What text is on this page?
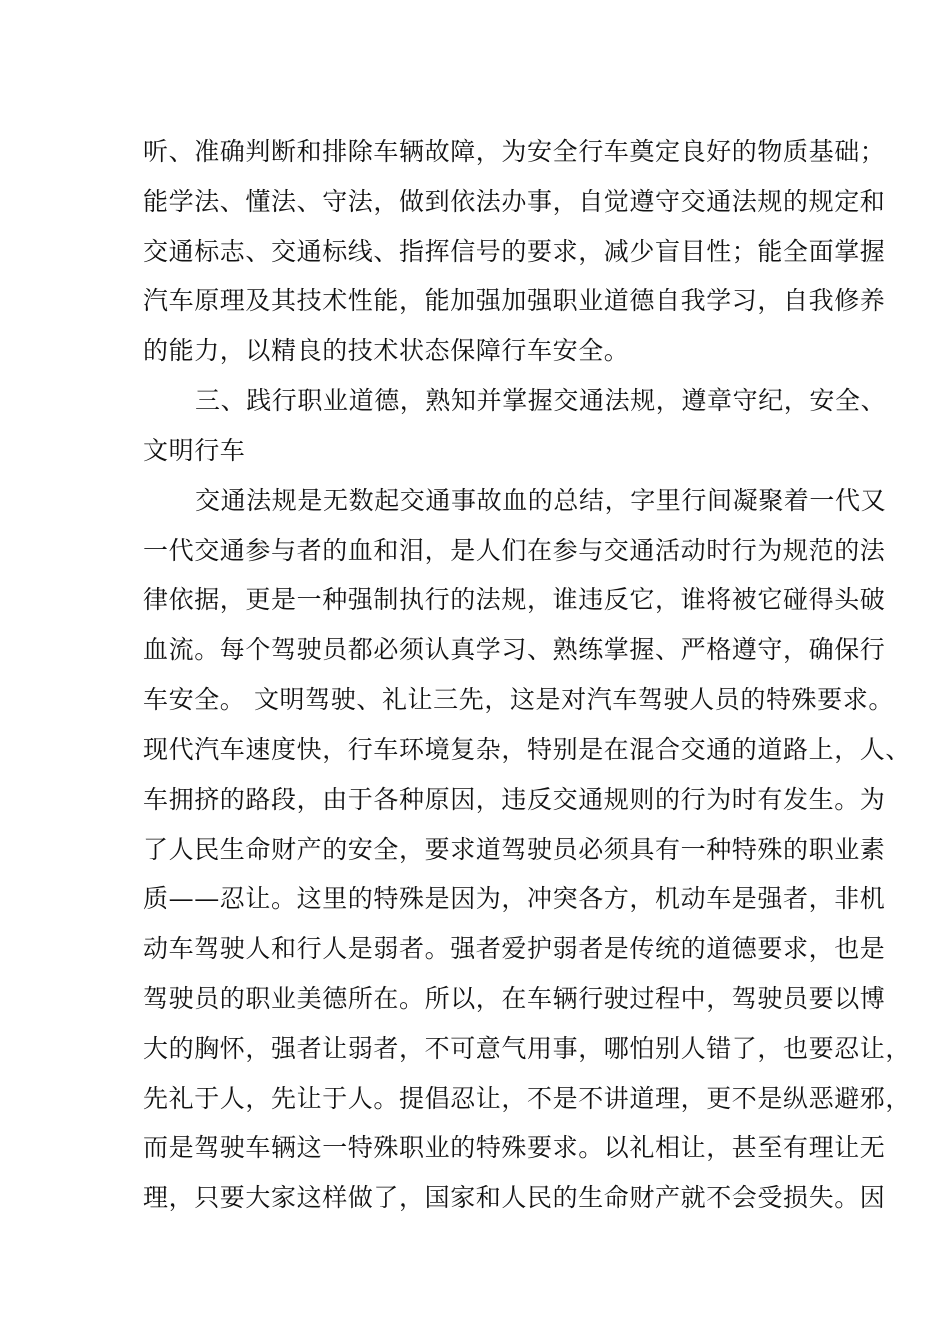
听、准确判断和排除车辆故障，为安全行车奠定良好的物质基础；
能学法、懂法、守法，做到依法办事，自觉遵守交通法规的规定和
交通标志、交通标线、指挥信号的要求，减少盲目性；能全面掌握
汽车原理及其技术性能，能加强加强职业道德自我学习，自我修养
的能力，以精良的技术状态保障行车安全。
三、践行职业道德，熟知并掌握交通法规，遵章守纪，安全、
文明行车
交通法规是无数起交通事故血的总结，字里行间凝聚着一代又
一代交通参与者的血和泪，是人们在参与交通活动时行为规范的法
律依据，更是一种强制执行的法规，谁违反它，谁将被它碰得头破
血流。每个驾驶员都必须认真学习、熟练掌握、严格遵守，确保行
车安全。 文明驾驶、礼让三先，这是对汽车驾驶人员的特殊要求。
现代汽车速度快，行车环境复杂，特别是在混合交通的道路上，人、
车拥挤的路段，由于各种原因，违反交通规则的行为时有发生。为
了人民生命财产的安全，要求道驾驶员必须具有一种特殊的职业素
质——忍让。这里的特殊是因为，冲突各方，机动车是强者，非机
动车驾驶人和行人是弱者。强者爱护弱者是传统的道德要求，也是
驾驶员的职业美德所在。所以，在车辆行驶过程中，驾驶员要以博
大的胸怀，强者让弱者，不可意气用事，哪怕别人错了，也要忍让，
先礼于人，先让于人。提倡忍让，不是不讲道理，更不是纵恶避邪，
而是驾驶车辆这一特殊职业的特殊要求。以礼相让，甚至有理让无
理，只要大家这样做了，国家和人民的生命财产就不会受损失。因
